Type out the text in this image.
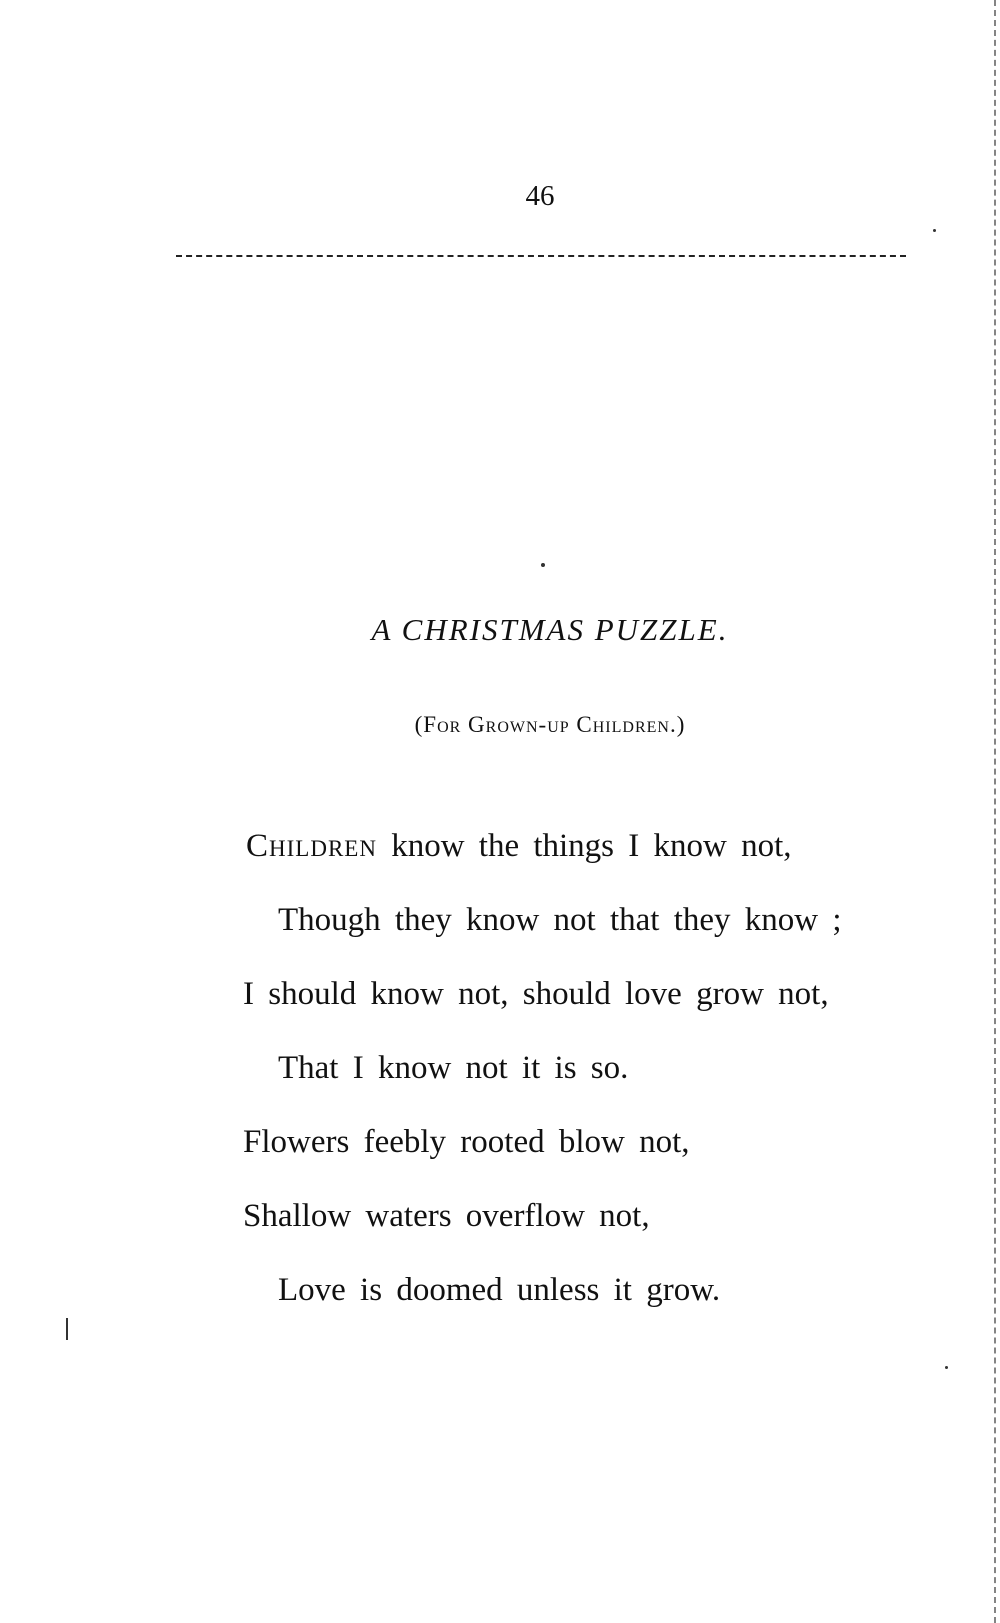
46
A CHRISTMAS PUZZLE.
(For Grown-up Children.)
Children know the things I know not,
Though they know not that they know ;
I should know not, should love grow not,
That I know not it is so.
Flowers feebly rooted blow not,
Shallow waters overflow not,
Love is doomed unless it grow.
